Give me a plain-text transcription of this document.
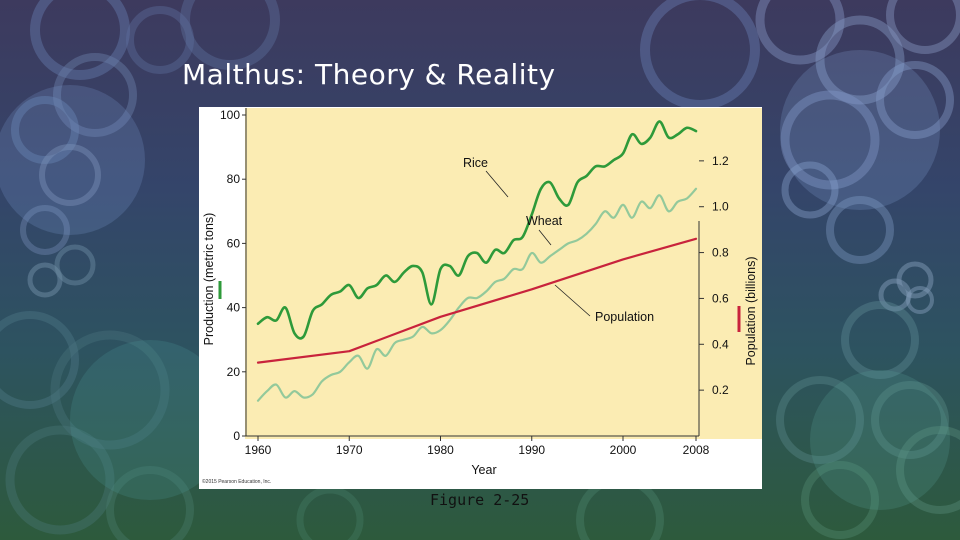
Malthus: Theory & Reality
1960	1970	1980	1990	2000	2008
0
20
40
60
80
100
0.2
0.4
0.6
0.8
1.0
1.2
Rice
Wheat
Population
Production (metric tons)	Population (billions)
Year
©2015 Pearson Education, Inc.
Figure 2-25
